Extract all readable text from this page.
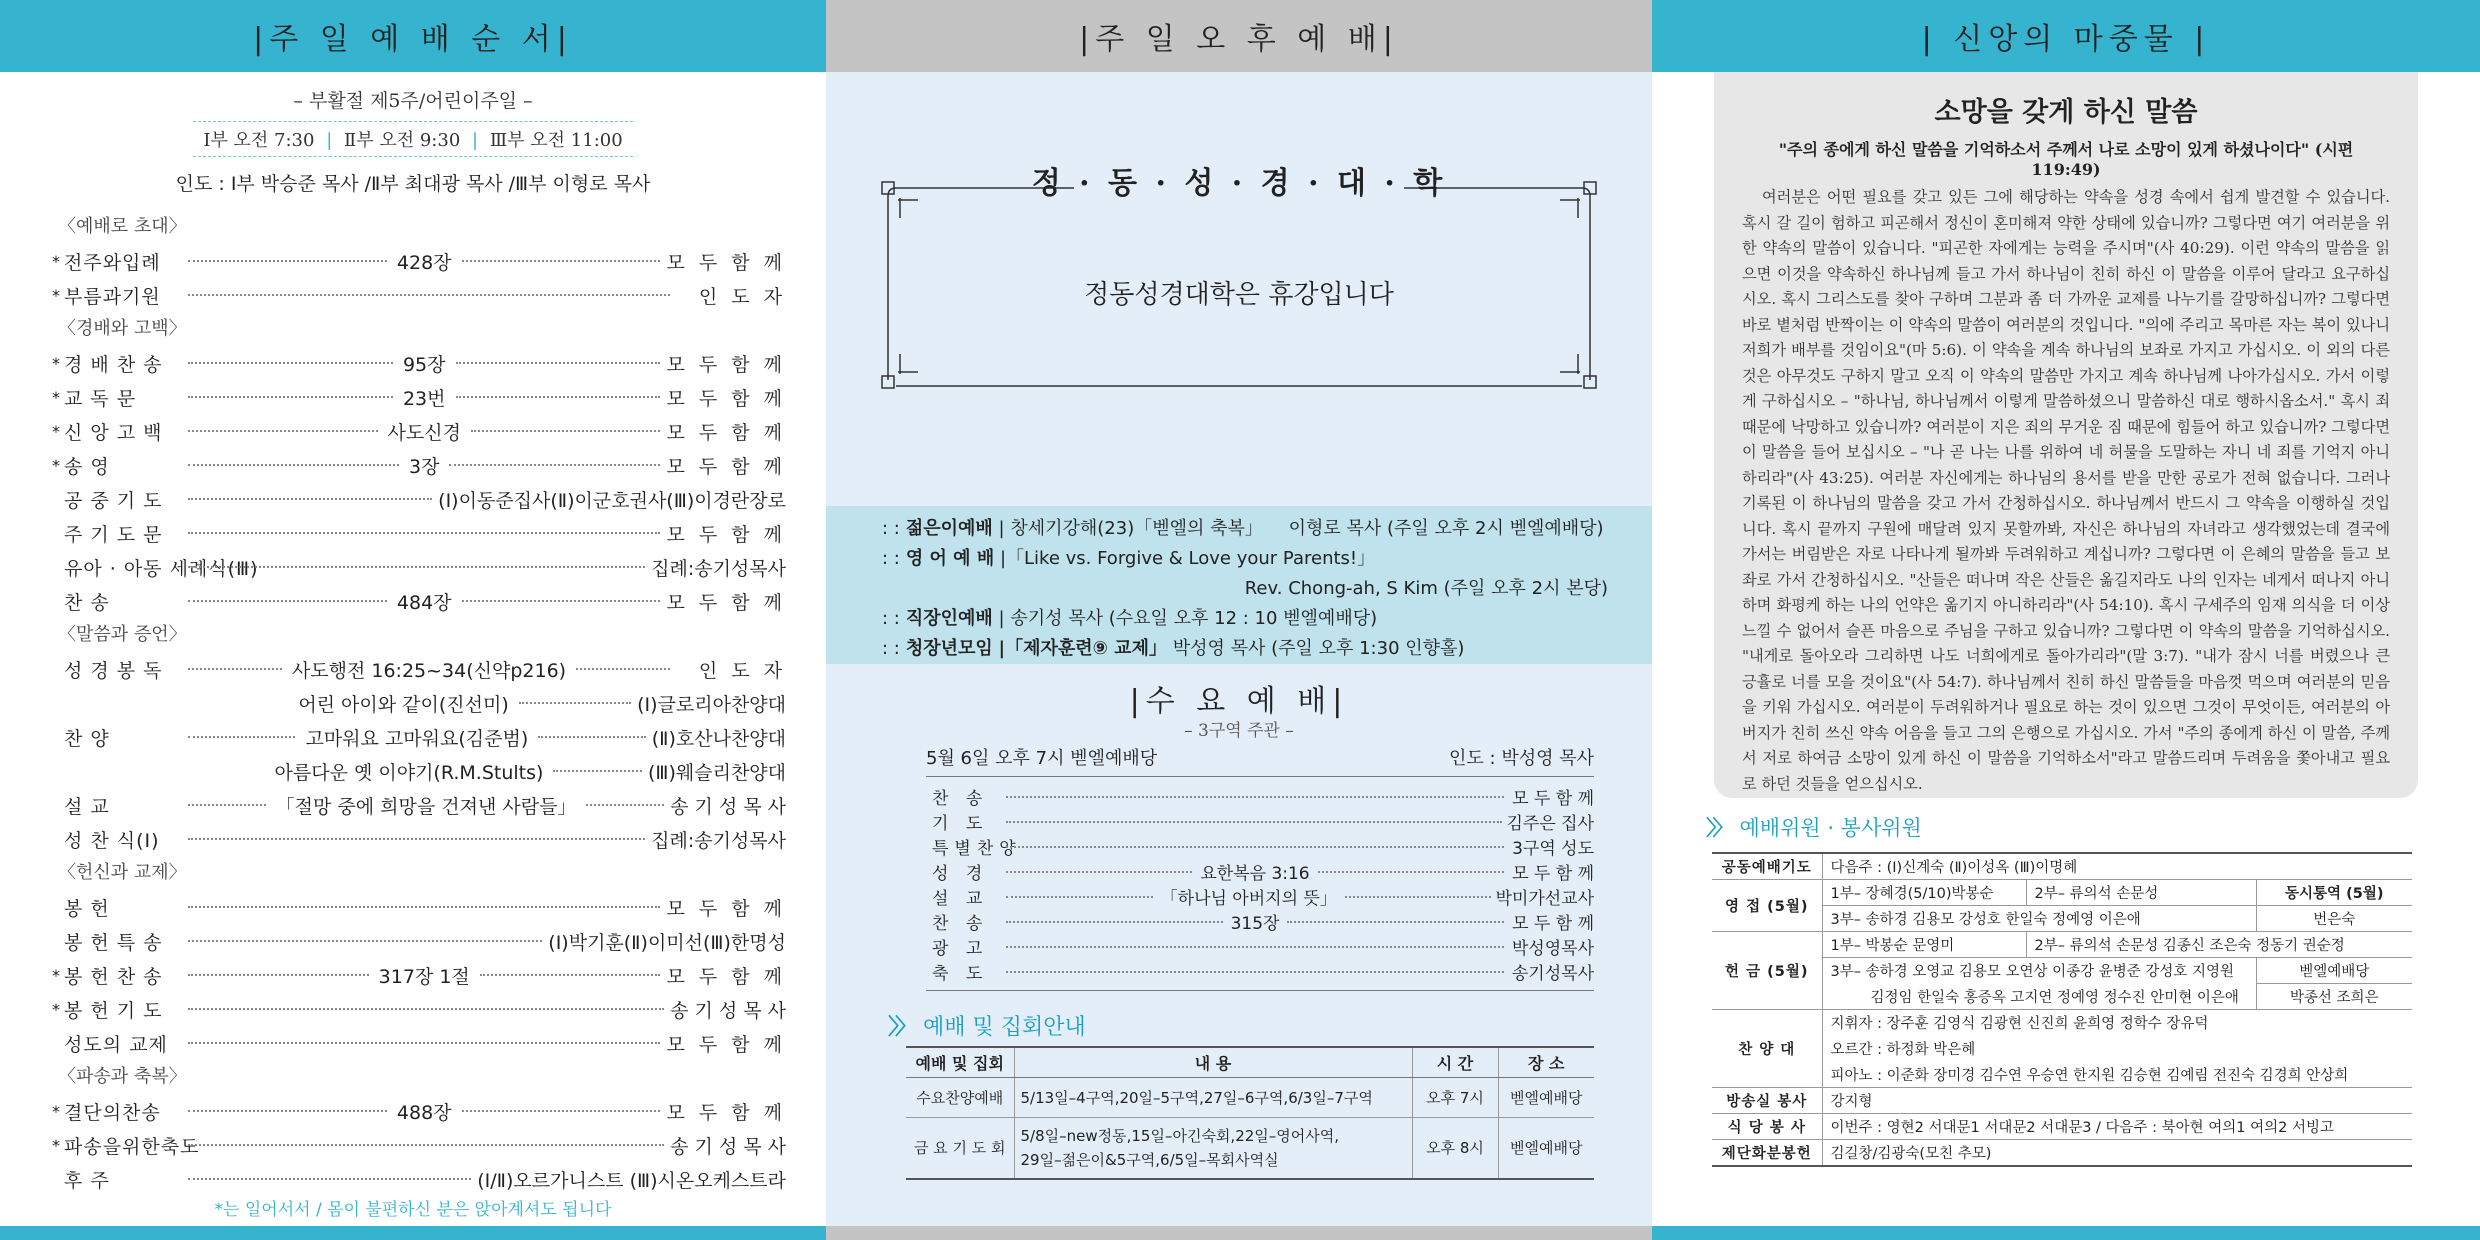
|주 일 예 배 순 서|
– 부활절 제5주/어린이주일 –
Ⅰ부 오전 7:30 | Ⅱ부 오전 9:30 | Ⅲ부 오전 11:00
인도 : Ⅰ부 박승준 목사 /Ⅱ부 최대광 목사 /Ⅲ부 이형로 목사
〈예배로 초대〉
* 전주와입례	428장	모 두 함 께
* 부름과기원	인 도 자
〈경배와 고백〉
* 경 배 찬 송	95장	모 두 함 께
* 교 독 문	23번	모 두 함 께
* 신 앙 고 백	사도신경	모 두 함 께
* 송 영	3장	모 두 함 께
공 중 기 도	(Ⅰ)이동준집사(Ⅱ)이군호권사(Ⅲ)이경란장로
주 기 도 문	모 두 함 께
유아 · 아동 세례식(Ⅲ)	집례:송기성목사
찬 송	484장	모 두 함 께
〈말씀과 증언〉
성 경 봉 독	사도행전 16:25~34(신약p216)	인 도 자
어린 아이와 같이(진선미)	(Ⅰ)글로리아찬양대
찬 양	고마워요 고마워요(김준범)	(Ⅱ)호산나찬양대
아름다운 옛 이야기(R.M.Stults)	(Ⅲ)웨슬리찬양대
설 교	「절망 중에 희망을 건져낸 사람들」	송 기 성 목 사
성 찬 식(Ⅰ)	집례:송기성목사
〈헌신과 교제〉
봉 헌	모 두 함 께
봉 헌 특 송	(Ⅰ)박기훈(Ⅱ)이미선(Ⅲ)한명성
* 봉 헌 찬 송	317장 1절	모 두 함 께
* 봉 헌 기 도	송 기 성 목 사
성도의 교제	모 두 함 께
〈파송과 축복〉
* 결단의찬송	488장	모 두 함 께
* 파송을위한축도	송 기 성 목 사
후 주	(Ⅰ/Ⅱ)오르가니스트 (Ⅲ)시온오케스트라
*는 일어서서 / 몸이 불편하신 분은 앉아계셔도 됩니다
|주 일 오 후 예 배|
정 · 동 · 성 · 경 · 대 · 학
정동성경대학은 휴강입니다
: : 젊은이예배 | 창세기강해(23)「벧엘의 축복」 이형로 목사 (주일 오후 2시 벧엘예배당)
: : 영 어 예 배 |「Like vs. Forgive & Love your Parents!」
Rev. Chong-ah, S Kim (주일 오후 2시 본당)
: : 직장인예배 | 송기성 목사 (수요일 오후 12 : 10 벧엘예배당)
: : 청장년모임 |「제자훈련⑨ 교제」 박성영 목사 (주일 오후 1:30 인향홀)
|수 요 예 배|
– 3구역 주관 –
5월 6일 오후 7시 벧엘예배당	인도 : 박성영 목사
찬 송	모 두 함 께
기 도	김주은 집사
특별찬양	3구역 성도
성 경	요한복음 3:16	모 두 함 께
설 교	「하나님 아버지의 뜻」	박미가선교사
찬 송	315장	모 두 함 께
광 고	박성영목사
축 도	송기성목사
〉〉 예배 및 집회안내
예배 및 집회	내 용	시 간	장 소
수요찬양예배	5/13일–4구역,20일–5구역,27일–6구역,6/3일–7구역	오후 7시	벧엘예배당
금 요 기 도 회	5/8일–new정동,15일–아긴숙회,22일–영어사역,
29일–젊은이&5구역,6/5일–목회사역실	오후 8시	벧엘예배당
| 신앙의 마중물 |
소망을 갖게 하신 말씀
"주의 종에게 하신 말씀을 기억하소서 주께서 나로 소망이 있게 하셨나이다" (시편 119:49)
여러분은 어떤 필요를 갖고 있든 그에 해당하는 약속을 성경 속에서 쉽게 발견할 수 있습니다. 혹시 갈 길이 험하고 피곤해서 정신이 혼미해져 약한 상태에 있습니까? 그렇다면 여기 여러분을 위한 약속의 말씀이 있습니다. "피곤한 자에게는 능력을 주시며"(사 40:29). 이런 약속의 말씀을 읽으면 이것을 약속하신 하나님께 들고 가서 하나님이 친히 하신 이 말씀을 이루어 달라고 요구하십시오. 혹시 그리스도를 찾아 구하며 그분과 좀 더 가까운 교제를 나누기를 갈망하십니까? 그렇다면 바로 볕처럼 반짝이는 이 약속의 말씀이 여러분의 것입니다. "의에 주리고 목마른 자는 복이 있나니 저희가 배부를 것임이요"(마 5:6). 이 약속을 계속 하나님의 보좌로 가지고 가십시오. 이 외의 다른 것은 아무것도 구하지 말고 오직 이 약속의 말씀만 가지고 계속 하나님께 나아가십시오. 가서 이렇게 구하십시오 – "하나님, 하나님께서 이렇게 말씀하셨으니 말씀하신 대로 행하시옵소서." 혹시 죄 때문에 낙망하고 있습니까? 여러분이 지은 죄의 무거운 짐 때문에 힘들어 하고 있습니까? 그렇다면 이 말씀을 들어 보십시오 – "나 곧 나는 나를 위하여 네 허물을 도말하는 자니 네 죄를 기억지 아니하리라"(사 43:25). 여러분 자신에게는 하나님의 용서를 받을 만한 공로가 전혀 없습니다. 그러나 기록된 이 하나님의 말씀을 갖고 가서 간청하십시오. 하나님께서 반드시 그 약속을 이행하실 것입니다. 혹시 끝까지 구원에 매달려 있지 못할까봐, 자신은 하나님의 자녀라고 생각했었는데 결국에 가서는 버림받은 자로 나타나게 될까봐 두려워하고 계십니까? 그렇다면 이 은혜의 말씀을 들고 보좌로 가서 간청하십시오. "산들은 떠나며 작은 산들은 옮길지라도 나의 인자는 네게서 떠나지 아니하며 화평케 하는 나의 언약은 옮기지 아니하리라"(사 54:10). 혹시 구세주의 임재 의식을 더 이상 느낄 수 없어서 슬픈 마음으로 주님을 구하고 있습니까? 그렇다면 이 약속의 말씀을 기억하십시오. "내게로 돌아오라 그리하면 나도 너희에게로 돌아가리라"(말 3:7). "내가 잠시 너를 버렸으나 큰 긍휼로 너를 모을 것이요"(사 54:7). 하나님께서 친히 하신 말씀들을 마음껏 먹으며 여러분의 믿음을 키워 가십시오. 여러분이 두려워하거나 필요로 하는 것이 있으면 그것이 무엇이든, 여러분의 아버지가 친히 쓰신 약속 어음을 들고 그의 은행으로 가십시오. 가서 "주의 종에게 하신 이 말씀, 주께서 저로 하여금 소망이 있게 하신 이 말씀을 기억하소서"라고 말씀드리며 두려움을 쫓아내고 필요로 하던 것들을 얻으십시오.
〉〉 예배위원 · 봉사위원
공동예배기도	다음주 : (Ⅰ)신계숙 (Ⅱ)이성옥 (Ⅲ)이명혜		
영 접 (5월)	1부– 장혜경(5/10)박봉순	2부– 류의석 손문성	동시통역 (5월)
	3부– 송하경 김용모 강성호 한일숙 정예영 이은애		번은숙
헌 금 (5월)	1부– 박봉순 문영미	2부– 류의석 손문성 김종신 조은숙 정동기 권순정	
	3부– 송하경 오영교 김용모 오연상 이종강 윤병준 강성호 지영원		벧엘예배당
	김정임 한일숙 홍증옥 고지연 정예영 정수진 안미현 이은애		박종선 조희은
찬 양 대	지휘자 : 장주훈 김영식 김광현 신진희 윤희영 정학수 장유덕		
	오르간 : 하정화 박은혜		
	피아노 : 이준화 장미경 김수연 우승연 한지원 김승현 김예림 전진숙 김경희 안상희		
방송실 봉사	강지형		
식 당 봉 사	이번주 : 영현2 서대문1 서대문2 서대문3 / 다음주 : 북아현 여의1 여의2 서빙고		
제단화분봉헌	김길창/김광숙(모친 추모)		
